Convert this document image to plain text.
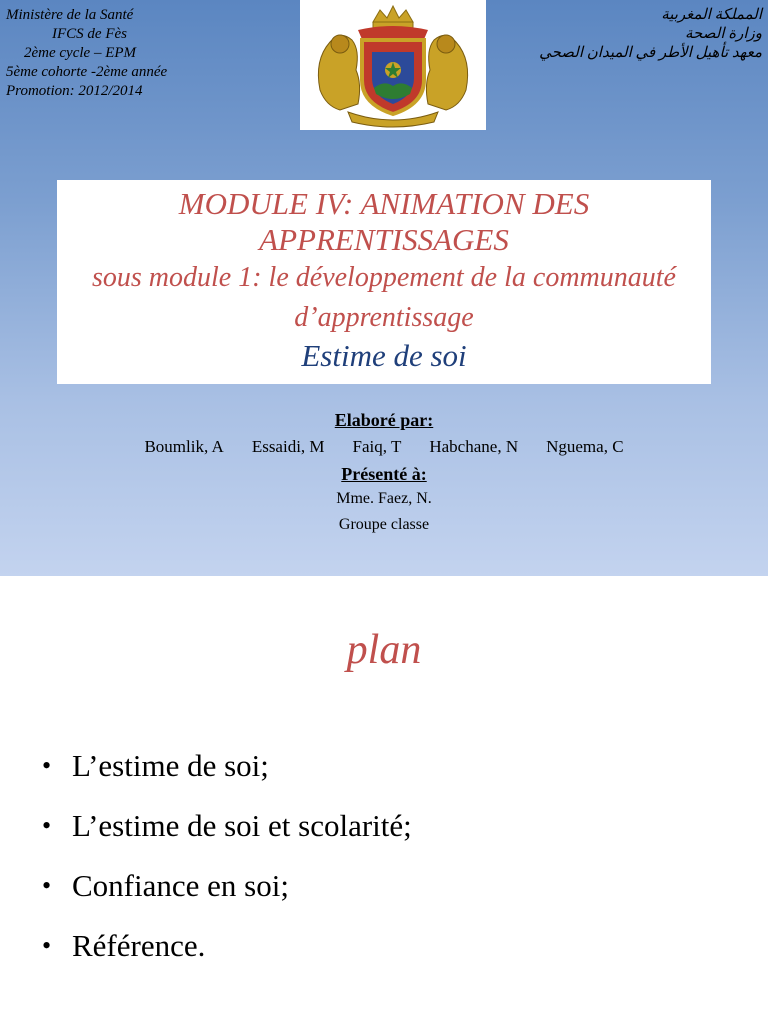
Ministère de la Santé
IFCS de Fès
2ème cycle – EPM
5ème cohorte -2ème année
Promotion: 2012/2014
المملكة المغربية
وزارة الصحة
معهد تأهيل الأطر في الميدان الصحي
MODULE IV: ANIMATION DES APPRENTISSAGES
sous module 1: le développement de la communauté d’apprentissage
Estime de soi
Elaboré par:
Boumlik, A Essaidi, M Faiq, T Habchane, N Nguema, C
Présenté à:
Mme. Faez, N.
Groupe classe
plan
• L’estime de soi;
• L’estime de soi et scolarité;
• Confiance en soi;
• Référence.
